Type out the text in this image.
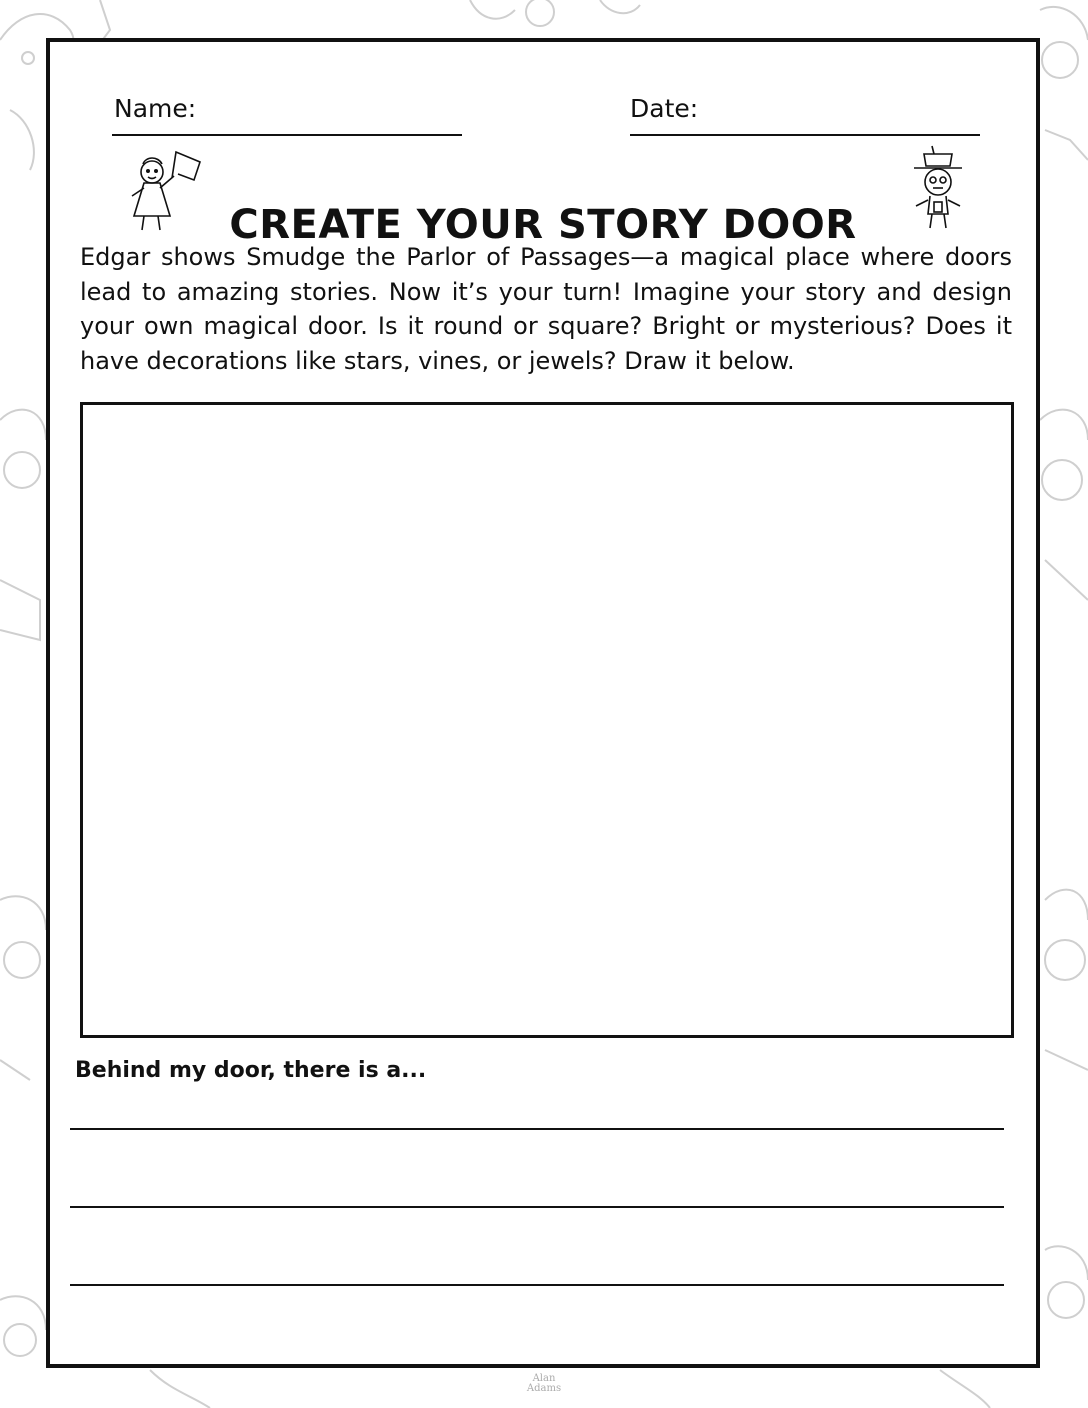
Name:	Date:
CREATE YOUR STORY DOOR

Edgar shows Smudge the Parlor of Passages—a magical place where doors lead to amazing stories. Now it’s your turn! Imagine your story and design your own magical door. Is it round or square? Bright or mysterious? Does it have decorations like stars, vines, or jewels? Draw it below.

Behind my door, there is a...
Alan
Adams
